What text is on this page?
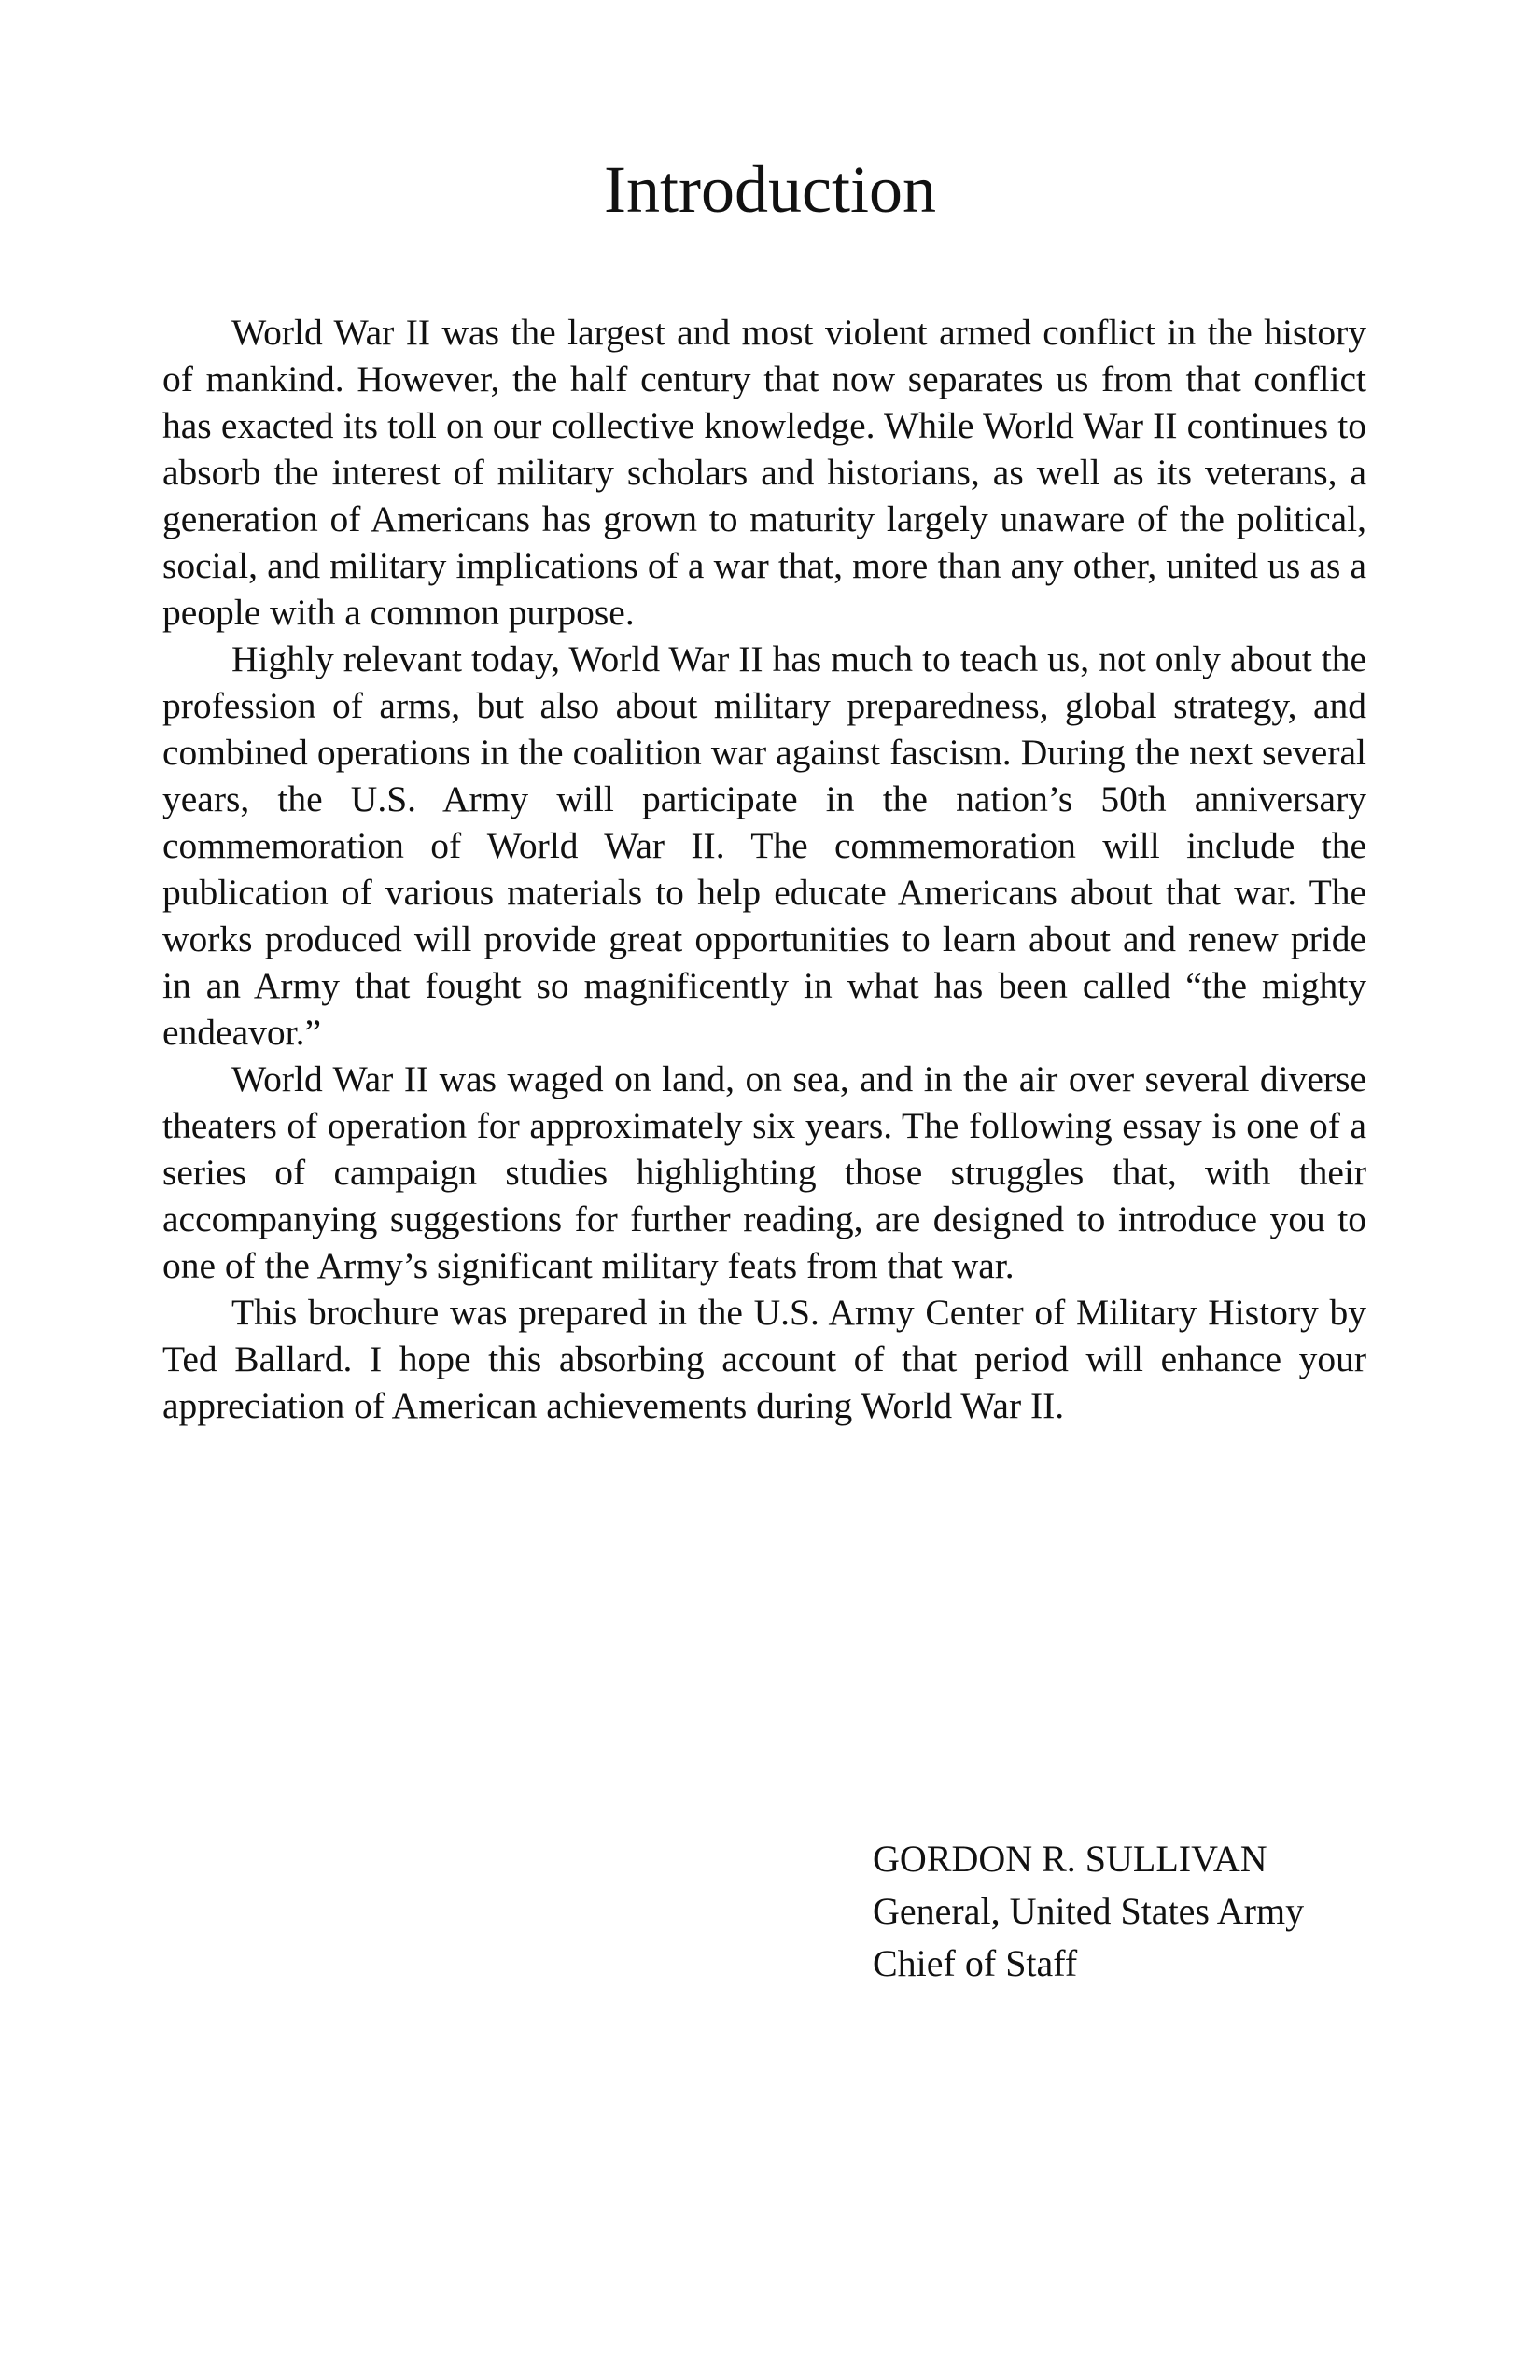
Introduction

World War II was the largest and most violent armed conflict in the history of mankind. However, the half century that now separates us from that conflict has exacted its toll on our collective knowledge. While World War II continues to absorb the interest of military scholars and historians, as well as its veterans, a generation of Americans has grown to maturity largely unaware of the political, social, and military implications of a war that, more than any other, united us as a people with a common purpose.

Highly relevant today, World War II has much to teach us, not only about the profession of arms, but also about military preparedness, global strategy, and combined operations in the coalition war against fascism. During the next several years, the U.S. Army will participate in the nation’s 50th anniversary commemoration of World War II. The commemoration will include the publication of various materials to help educate Americans about that war. The works produced will provide great opportunities to learn about and renew pride in an Army that fought so magnificently in what has been called “the mighty endeavor.”

World War II was waged on land, on sea, and in the air over several diverse theaters of operation for approximately six years. The following essay is one of a series of campaign studies highlighting those struggles that, with their accompanying suggestions for further reading, are designed to introduce you to one of the Army’s significant military feats from that war.

This brochure was prepared in the U.S. Army Center of Military History by Ted Ballard. I hope this absorbing account of that period will enhance your appreciation of American achievements during World War II.

GORDON R. SULLIVAN
General, United States Army
Chief of Staff
